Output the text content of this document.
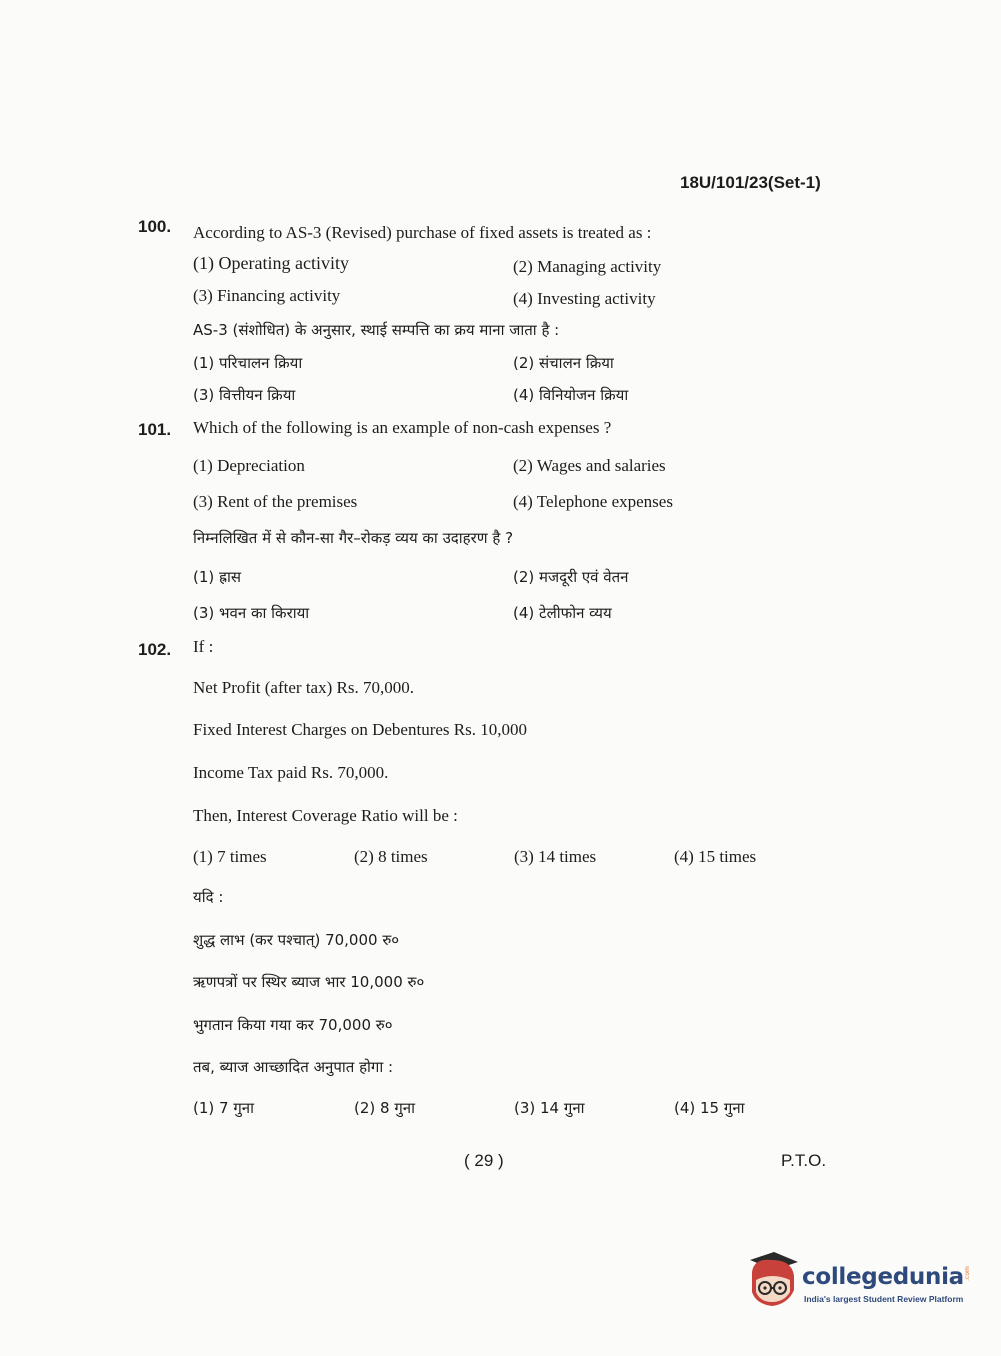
18U/101/23(Set-1)
100. According to AS-3 (Revised) purchase of fixed assets is treated as :
(1) Operating activity	(2) Managing activity
(3) Financing activity	(4) Investing activity
AS-3 (संशोधित) के अनुसार, स्थाई सम्पत्ति का क्रय माना जाता है :
(1) परिचालन क्रिया	(2) संचालन क्रिया
(3) वित्तीयन क्रिया	(4) विनियोजन क्रिया
101. Which of the following is an example of non-cash expenses ?
(1) Depreciation	(2) Wages and salaries
(3) Rent of the premises	(4) Telephone expenses
निम्नलिखित में से कौन-सा गैर–रोकड़ व्यय का उदाहरण है ?
(1) ह्रास	(2) मजदूरी एवं वेतन
(3) भवन का किराया	(4) टेलीफोन व्यय
102. If :
Net Profit (after tax) Rs. 70,000.
Fixed Interest Charges on Debentures Rs. 10,000
Income Tax paid Rs. 70,000.
Then, Interest Coverage Ratio will be :
(1) 7 times	(2) 8 times	(3) 14 times	(4) 15 times
यदि :
शुद्ध लाभ (कर पश्चात्) 70,000 रु०
ऋणपत्रों पर स्थिर ब्याज भार 10,000 रु०
भुगतान किया गया कर 70,000 रु०
तब, ब्याज आच्छादित अनुपात होगा :
(1) 7 गुना	(2) 8 गुना	(3) 14 गुना	(4) 15 गुना
( 29 )	P.T.O.
collegedunia .com
India's largest Student Review Platform
